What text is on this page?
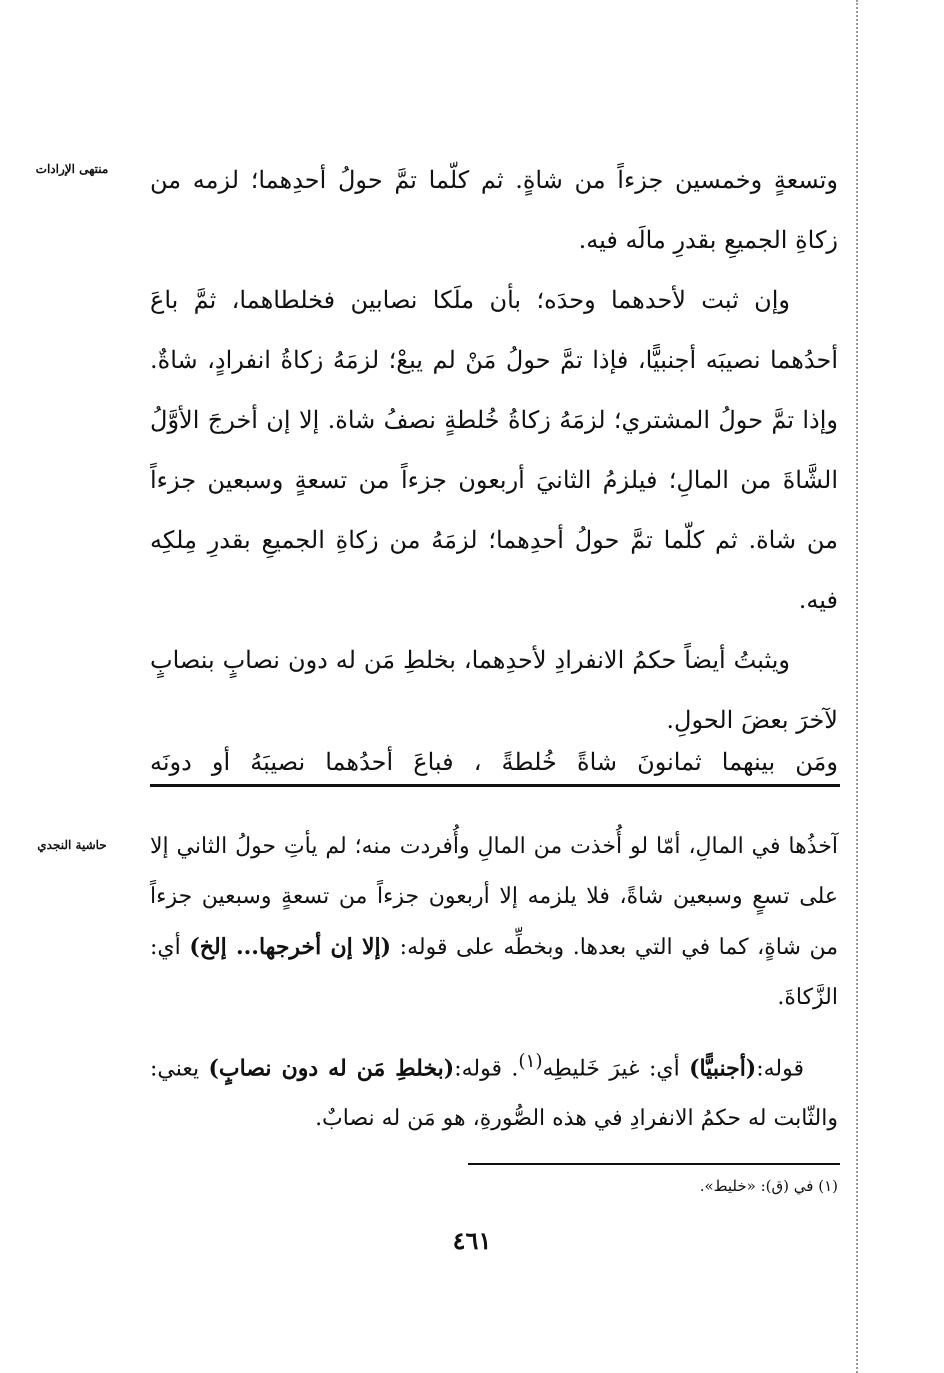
منتهى الإرادات
حاشية النجدي

وتسعةٍ وخمسين جزءاً من شاةٍ. ثم كلّما تمَّ حولُ أحدِهما؛ لزمه من زكاةِ الجميعِ بقدرِ مالَه فيه.

وإن ثبت لأحدهما وحدَه؛ بأن ملَكا نصابين فخلطاهما، ثمَّ باعَ أحدُهما نصيبَه أجنبيًّا، فإذا تمَّ حولُ مَنْ لم يبعْ؛ لزمَهُ زكاةُ انفرادٍ، شاةٌ. وإذا تمَّ حولُ المشتري؛ لزمَهُ زكاةُ خُلطةٍ نصفُ شاة. إلا إن أخرجَ الأوَّلُ الشَّاةَ من المالِ؛ فيلزمُ الثانيَ أربعون جزءاً من تسعةٍ وسبعين جزءاً من شاة. ثم كلّما تمَّ حولُ أحدِهما؛ لزمَهُ من زكاةِ الجميعِ بقدرِ مِلكِه فيه.

ويثبتُ أيضاً حكمُ الانفرادِ لأحدِهما، بخلطِ مَن له دون نصابٍ بنصابٍ لآخرَ بعضَ الحولِ.

ومَن بينهما ثمانونَ شاةً خُلطةً ، فباعَ أحدُهما نصيبَهُ أو دونَه

آخذُها في المالِ، أمّا لو أُخذت من المالِ وأُفردت منه؛ لم يأتِ حولُ الثاني إلا على تسعٍ وسبعين شاةً، فلا يلزمه إلا أربعون جزءاً من تسعةٍ وسبعين جزءاً من شاةٍ، كما في التي بعدها. وبخطِّه على قوله: (إلا إن أخرجها... إلخ) أي: الزَّكاةَ.

قوله:(أجنبيًّا) أي: غيرَ خَليطِه$^{(١)}$. قوله:(بخلطِ مَن له دون نصابٍ) يعني: والثّابت له حكمُ الانفرادِ في هذه الصُّورةِ، هو مَن له نصابٌ.

(١) في (ق): «خليط».
٤٦١
